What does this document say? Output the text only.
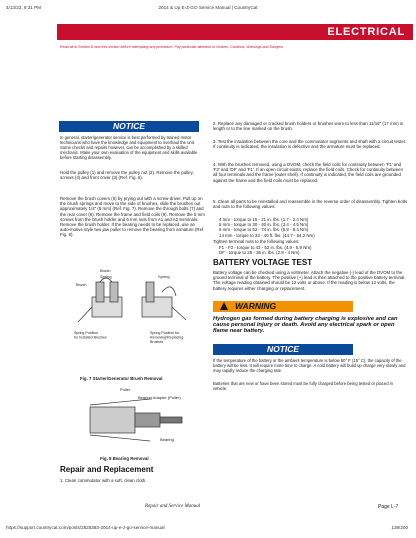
4/13/23, 9:31 PM	2014 & Up E-Z-GO Service Manual | CountryCat
ELECTRICAL
Read all of Section B and this section before attempting any procedure. Pay particular attention to Notices, Cautions, Warnings and Dangers.
NOTICE
In general, starter/generator service is best performed by trained motor technicians who have the knowledge and equipment to overhaul the unit. Some checks and repairs however, can be accomplished by a skilled mechanic. Make your own evaluation of the equipment and skills available before starting disassembly.
Hold the pulley (1) and remove the pulley nut (2). Remove the pulley, screws (4) and front cover (3) (Ref. Fig. 6).
Remove the brush covers (6) by prying out with a screw-driver. Pull up on the brush springs and move to the side of brushes, slide the brushes out approximately 1/4" (6 mm) (Ref. Fig. 7). Remove the through bolts (7) and the rear cover (8). Remove the frame and field coils (9). Remove the 5 mm screws from the brush holder and 6 mm nuts from A1 and A2 terminals. Remove the brush holder. If the bearing needs to be replaced, use an auto-motive style two jaw puller to remove the bearing from armature (Ref. Fig. 8).
Brush
Spring
Brush
Spring
Spring Position for Installed Brushes
Spring Position for Removing/Replacing Brushes
Fig. 7 Starter/Generator Brush Removal
Puller
Bearing Adapter (Puller)
Bearing
Fig. 8 Bearing Removal
Repair and Replacement
1. Clean commutator with a soft, clean cloth.
2. Replace any damaged or cracked brush holders or brushes worn to less than 11/16" (17 mm) in length or to the line marked on the brush.
3. Test the insulation between the core and the commutator segments and shaft with a circuit tester. If continuity is indicated, the insulation is defective and the armature must be replaced.
4. With the brushes removed, using a DVOM, check the field coils for continuity between 'F1' and 'F2' and 'DF' and 'F1'. If an open circuit exists, replace the field coils. Check for continuity between all four terminals and the frame (outer shell). If continuity is indicated, the field coils are grounded against the frame and the field coils must be replaced.
5. Clean all parts to be reinstalled and reassemble in the reverse order of disassembly. Tighten bolts and nuts to the following values:
4 mm - torque to 15 - 21 in. lbs. (1.7 - 2.4 Nm)
5 mm - torque to 30 - 40 in. lbs. (3.4 - 4.5 Nm)
6 mm - torque to 52 - 74 in. lbs. (5.9 - 8.4 Nm)
14 mm - torque to 33 - 40 ft. lbs. (44.7 - 54.2 Nm)
Tighten terminal nuts to the following values:
F1 - F2 - torque to 43 - 52 in. lbs. (4.9 - 5.9 Nm)
DF - torque to 26 - 35 in. lbs. (2.9 - 4 Nm)
BATTERY VOLTAGE TEST
Battery voltage can be checked using a voltmeter. Attach the negative (-) lead of the DVOM to the ground terminal of the battery. The positive (+) lead is then attached to the positive battery terminal. The voltage reading obtained should be 12 volts or above. If the reading is below 12 volts, the battery requires either charging or replacement.
WARNING
Hydrogen gas formed during battery charging is explosive and can cause personal injury or death. Avoid any electrical spark or open flame near battery.
NOTICE
If the temperature of the battery or the ambient temperature is below 60° F (15° C), the capacity of the battery will be less. It will require more time to charge. A cold battery will build up charge very slowly and may rapidly reduce the charging rate.
Batteries that are new or have been stored must be fully charged before being tested or placed in vehicle.
Repair and Service Manual	Page L-7
https://support.countrycat.com/posts/2825383-2014-up-e-z-go-service-manual	139/200
